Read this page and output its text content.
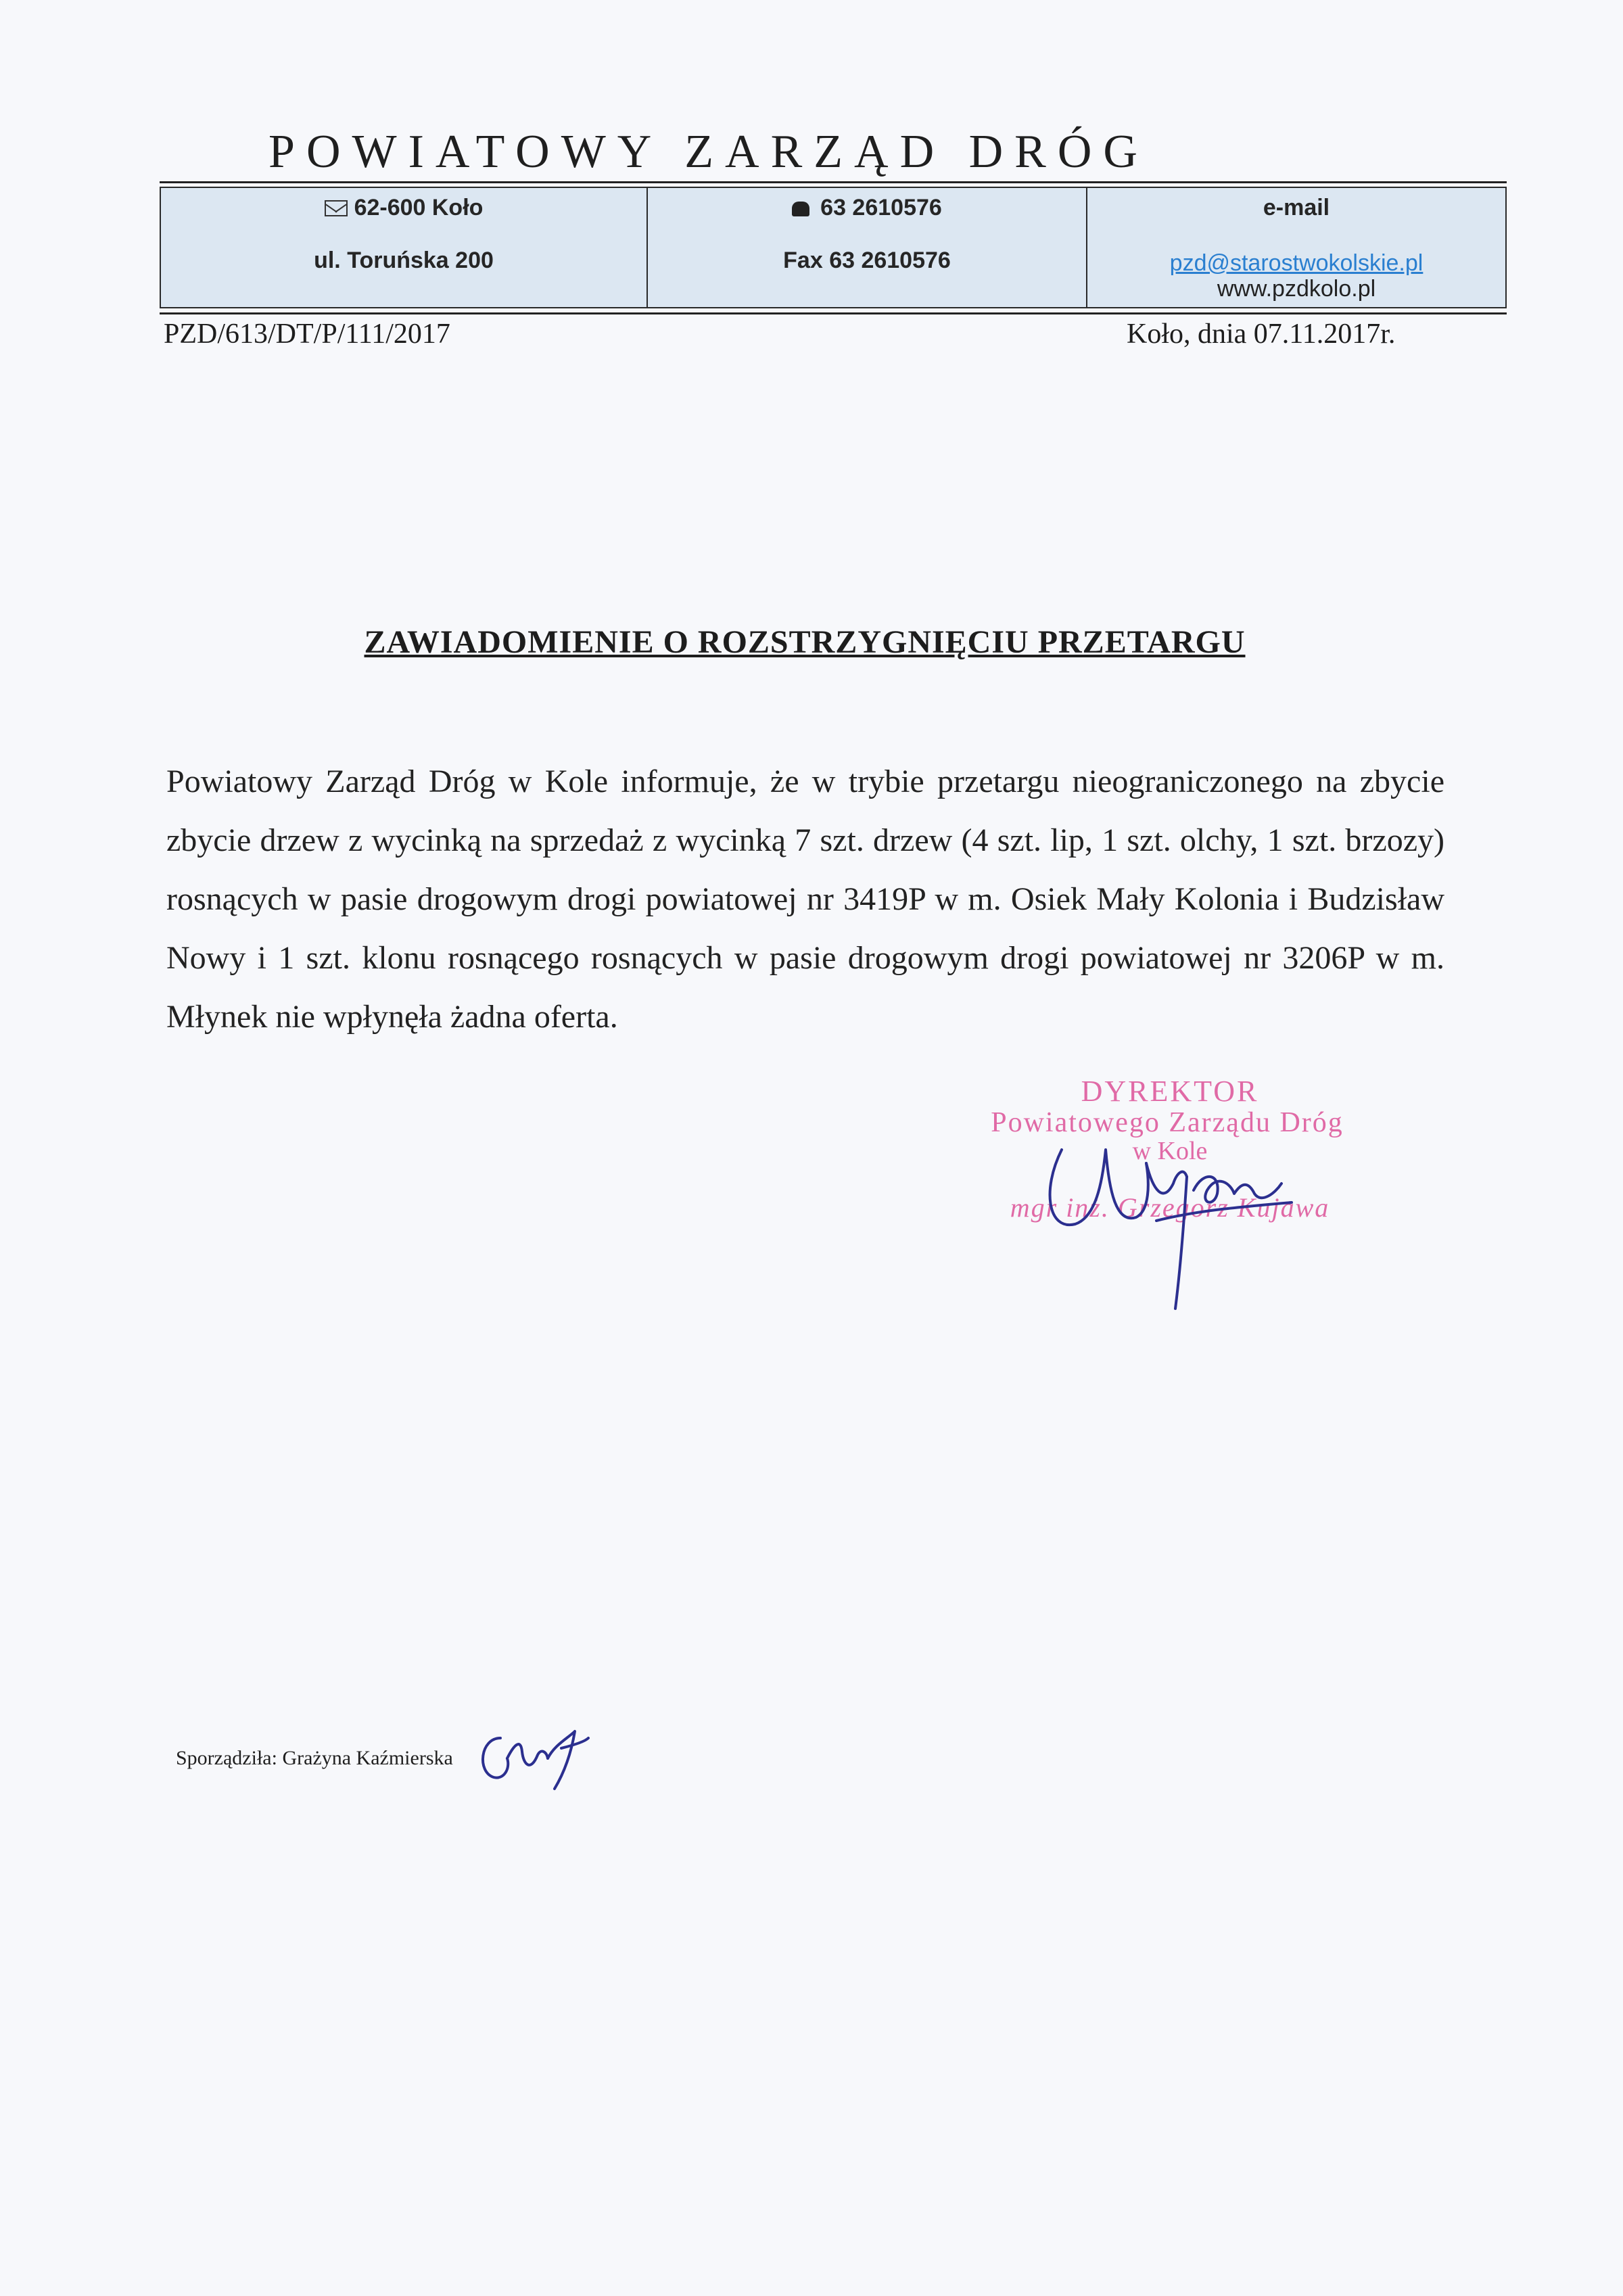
POWIATOWY ZARZĄD DRÓG
62-600 Koło
ul. Toruńska 200
63 2610576
Fax 63 2610576
e-mail
pzd@starostwokolskie.pl
www.pzdkolo.pl
PZD/613/DT/P/111/2017	Koło, dnia 07.11.2017r.
ZAWIADOMIENIE O ROZSTRZYGNIĘCIU PRZETARGU
Powiatowy Zarząd Dróg w Kole informuje, że w trybie przetargu nieograniczonego na zbycie zbycie drzew z wycinką na sprzedaż z wycinką 7 szt. drzew (4 szt. lip, 1 szt. olchy, 1 szt. brzozy) rosnących w pasie drogowym drogi powiatowej nr 3419P w m. Osiek Mały Kolonia i Budzisław Nowy i 1 szt. klonu rosnącego rosnących w pasie drogowym drogi powiatowej nr 3206P w m. Młynek nie wpłynęła żadna oferta.
DYREKTOR
Powiatowego Zarządu Dróg
w Kole
mgr inż. Grzegorz Kujawa
Sporządziła: Grażyna Kaźmierska
